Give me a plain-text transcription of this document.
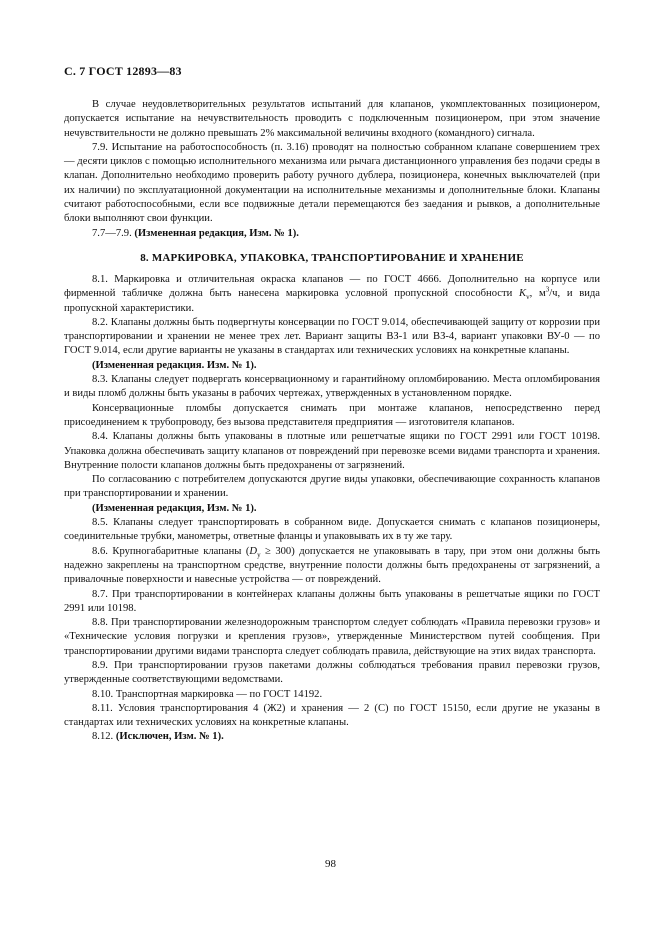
С. 7 ГОСТ 12893—83

В случае неудовлетворительных результатов испытаний для клапанов, укомплектованных позиционером, допускается испытание на нечувствительность проводить с подключенным позиционером, при этом значение нечувствительности не должно превышать 2% максимальной величины входного (командного) сигнала.

7.9. Испытание на работоспособность (п. 3.16) проводят на полностью собранном клапане совершением трех — десяти циклов с помощью исполнительного механизма или рычага дистанционного управления без подачи среды в клапан. Дополнительно необходимо проверить работу ручного дублера, позиционера, конечных выключателей (при их наличии) по эксплуатационной документации на исполнительные механизмы и дополнительные блоки. Клапаны считают работоспособными, если все подвижные детали перемещаются без заедания и рывков, а дополнительные блоки выполняют свои функции.

7.7—7.9. (Измененная редакция, Изм. № 1).

8. МАРКИРОВКА, УПАКОВКА, ТРАНСПОРТИРОВАНИЕ И ХРАНЕНИЕ

8.1. Маркировка и отличительная окраска клапанов — по ГОСТ 4666. Дополнительно на корпусе или фирменной табличке должна быть нанесена маркировка условной пропускной способности $K_v$, $м^3/ч$, и вида пропускной характеристики.

8.2. Клапаны должны быть подвергнуты консервации по ГОСТ 9.014, обеспечивающей защиту от коррозии при транспортировании и хранении не менее трех лет. Вариант защиты ВЗ-1 или ВЗ-4, вариант упаковки ВУ-0 — по ГОСТ 9.014, если другие варианты не указаны в стандартах или технических условиях на конкретные клапаны.

(Измененная редакция. Изм. № 1).

8.3. Клапаны следует подвергать консервационному и гарантийному опломбированию. Места опломбирования и виды пломб должны быть указаны в рабочих чертежах, утвержденных в установленном порядке.

Консервационные пломбы допускается снимать при монтаже клапанов, непосредственно перед присоединением к трубопроводу, без вызова представителя предприятия — изготовителя клапанов.

8.4. Клапаны должны быть упакованы в плотные или решетчатые ящики по ГОСТ 2991 или ГОСТ 10198. Упаковка должна обеспечивать защиту клапанов от повреждений при перевозке всеми видами транспорта и хранения. Внутренние полости клапанов должны быть предохранены от загрязнений.

По согласованию с потребителем допускаются другие виды упаковки, обеспечивающие сохранность клапанов при транспортировании и хранении.

(Измененная редакция, Изм. № 1).

8.5. Клапаны следует транспортировать в собранном виде. Допускается снимать с клапанов позиционеры, соединительные трубки, манометры, ответные фланцы и упаковывать их в ту же тару.

8.6. Крупногабаритные клапаны $(D_y \ge 300)$ допускается не упаковывать в тару, при этом они должны быть надежно закреплены на транспортном средстве, внутренние полости должны быть предохранены от загрязнений, а привалочные поверхности и навесные устройства — от повреждений.

8.7. При транспортировании в контейнерах клапаны должны быть упакованы в решетчатые ящики по ГОСТ 2991 или 10198.

8.8. При транспортировании железнодорожным транспортом следует соблюдать «Правила перевозки грузов» и «Технические условия погрузки и крепления грузов», утвержденные Министерством путей сообщения. При транспортировании другими видами транспорта следует соблюдать правила, действующие на этих видах транспорта.

8.9. При транспортировании грузов пакетами должны соблюдаться требования правил перевозки грузов, утвержденные соответствующими ведомствами.

8.10. Транспортная маркировка — по ГОСТ 14192.

8.11. Условия транспортирования 4 (Ж2) и хранения — 2 (С) по ГОСТ 15150, если другие не указаны в стандартах или технических условиях на конкретные клапаны.

8.12. (Исключен, Изм. № 1).

98
